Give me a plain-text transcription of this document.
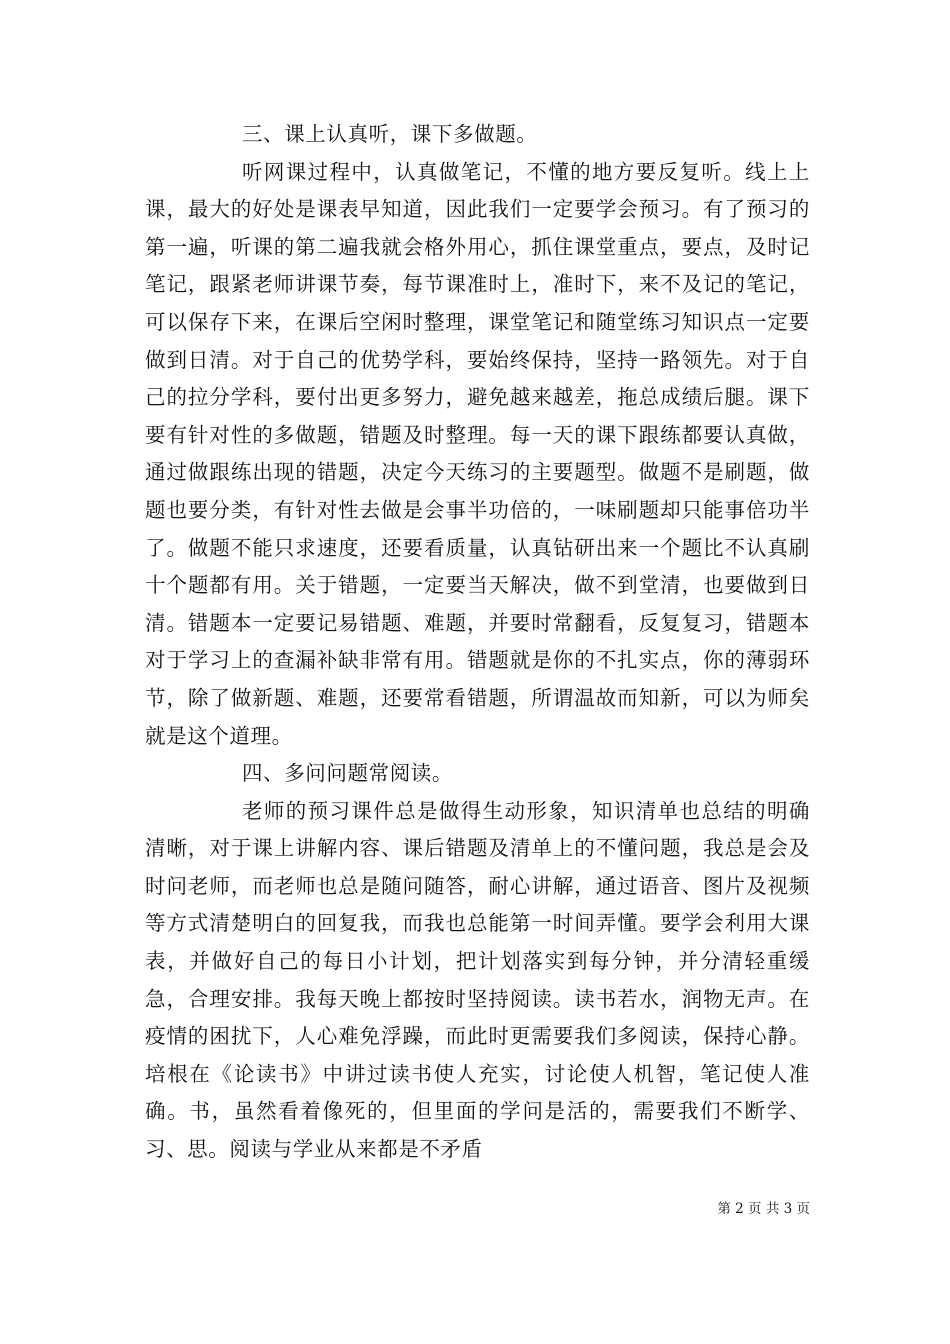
三、课上认真听，课下多做题。

听网课过程中，认真做笔记，不懂的地方要反复听。线上上课，最大的好处是课表早知道，因此我们一定要学会预习。有了预习的第一遍，听课的第二遍我就会格外用心，抓住课堂重点，要点，及时记笔记，跟紧老师讲课节奏，每节课准时上，准时下，来不及记的笔记，可以保存下来，在课后空闲时整理，课堂笔记和随堂练习知识点一定要做到日清。对于自己的优势学科，要始终保持，坚持一路领先。对于自己的拉分学科，要付出更多努力，避免越来越差，拖总成绩后腿。课下要有针对性的多做题，错题及时整理。每一天的课下跟练都要认真做，通过做跟练出现的错题，决定今天练习的主要题型。做题不是刷题，做题也要分类，有针对性去做是会事半功倍的，一味刷题却只能事倍功半了。做题不能只求速度，还要看质量，认真钻研出来一个题比不认真刷十个题都有用。关于错题，一定要当天解决，做不到堂清，也要做到日清。错题本一定要记易错题、难题，并要时常翻看，反复复习，错题本对于学习上的查漏补缺非常有用。错题就是你的不扎实点，你的薄弱环节，除了做新题、难题，还要常看错题，所谓温故而知新，可以为师矣就是这个道理。

四、多问问题常阅读。

老师的预习课件总是做得生动形象，知识清单也总结的明确清晰，对于课上讲解内容、课后错题及清单上的不懂问题，我总是会及时问老师，而老师也总是随问随答，耐心讲解，通过语音、图片及视频等方式清楚明白的回复我，而我也总能第一时间弄懂。要学会利用大课表，并做好自己的每日小计划，把计划落实到每分钟，并分清轻重缓急，合理安排。我每天晚上都按时坚持阅读。读书若水，润物无声。在疫情的困扰下，人心难免浮躁，而此时更需要我们多阅读，保持心静。培根在《论读书》中讲过读书使人充实，讨论使人机智，笔记使人准确。书，虽然看着像死的，但里面的学问是活的，需要我们不断学、习、思。阅读与学业从来都是不矛盾

第 2 页 共 3 页
